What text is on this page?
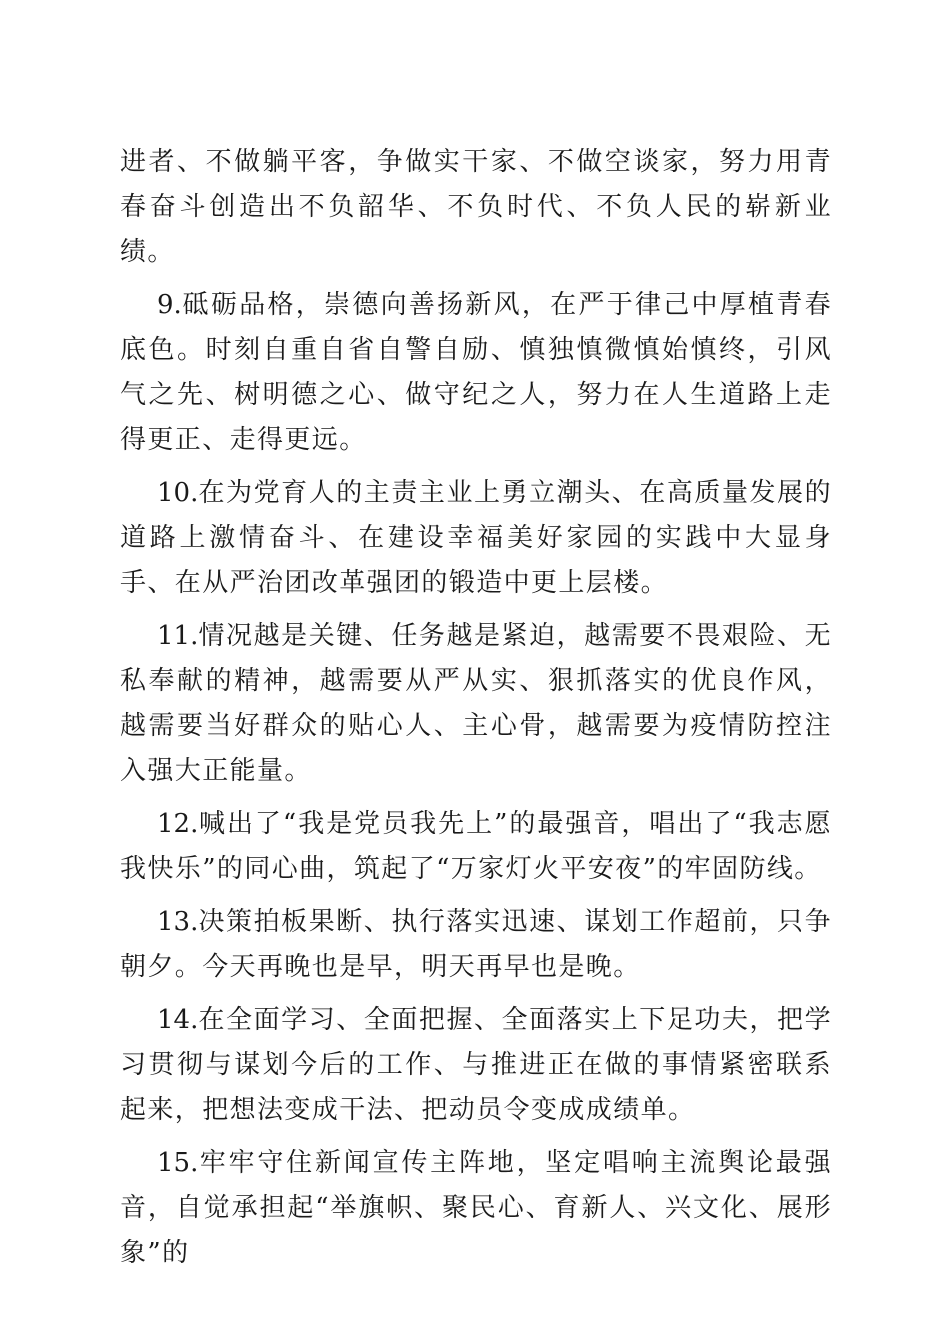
进者、不做躺平客，争做实干家、不做空谈家，努力用青春奋斗创造出不负韶华、不负时代、不负人民的崭新业绩。

9.砥砺品格，崇德向善扬新风，在严于律己中厚植青春底色。时刻自重自省自警自励、慎独慎微慎始慎终，引风气之先、树明德之心、做守纪之人，努力在人生道路上走得更正、走得更远。

10.在为党育人的主责主业上勇立潮头、在高质量发展的道路上激情奋斗、在建设幸福美好家园的实践中大显身手、在从严治团改革强团的锻造中更上层楼。

11.情况越是关键、任务越是紧迫，越需要不畏艰险、无私奉献的精神，越需要从严从实、狠抓落实的优良作风，越需要当好群众的贴心人、主心骨，越需要为疫情防控注入强大正能量。

12.喊出了“我是党员我先上”的最强音，唱出了“我志愿我快乐”的同心曲，筑起了“万家灯火平安夜”的牢固防线。

13.决策拍板果断、执行落实迅速、谋划工作超前，只争朝夕。今天再晚也是早，明天再早也是晚。

14.在全面学习、全面把握、全面落实上下足功夫，把学习贯彻与谋划今后的工作、与推进正在做的事情紧密联系起来，把想法变成干法、把动员令变成成绩单。

15.牢牢守住新闻宣传主阵地，坚定唱响主流舆论最强音，自觉承担起“举旗帜、聚民心、育新人、兴文化、展形象”的
